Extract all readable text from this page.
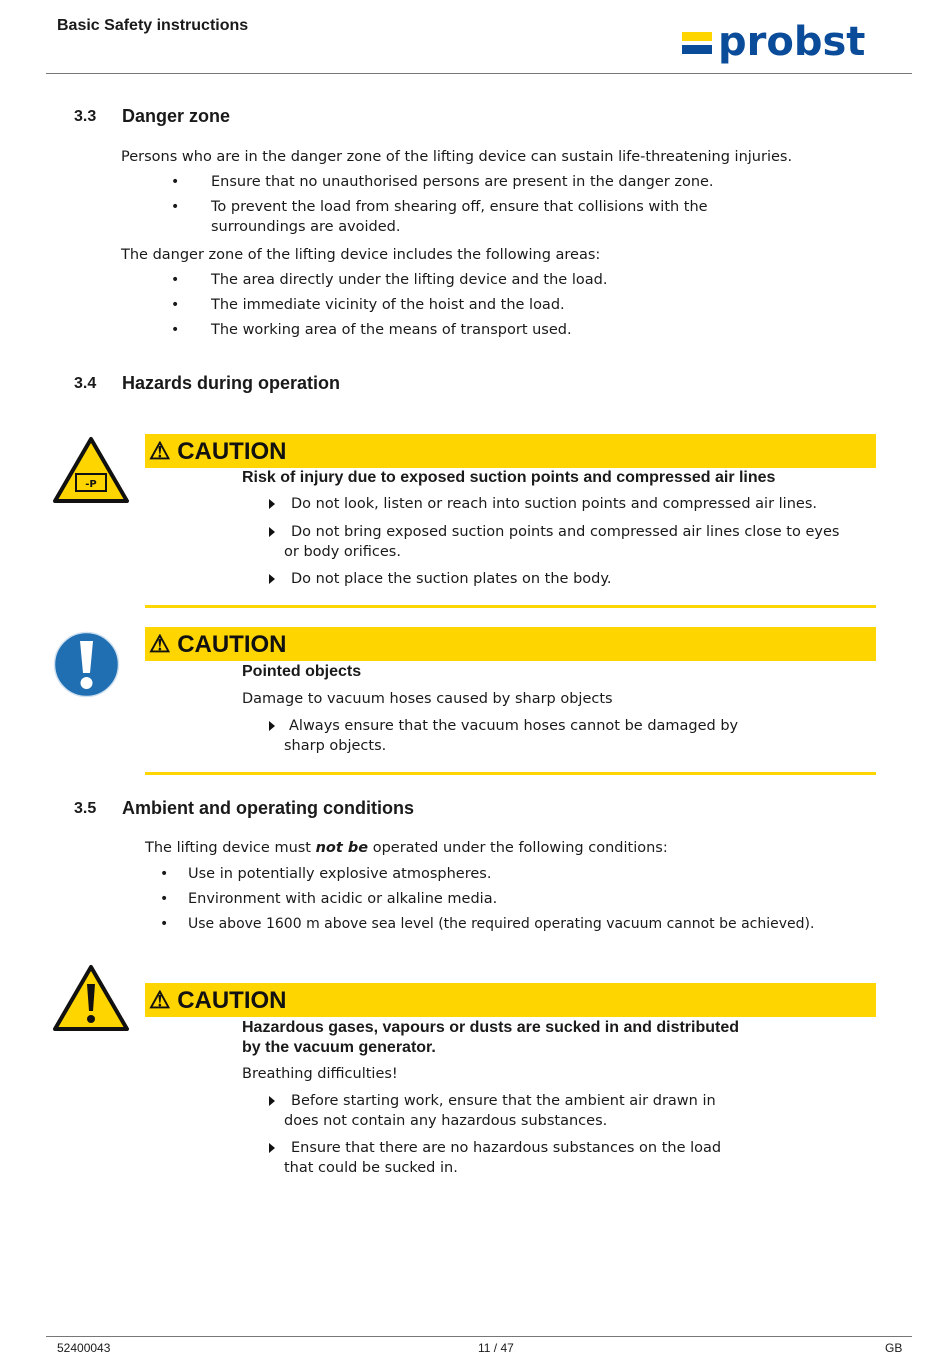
Basic Safety instructions	probst
3.3 Danger zone
Persons who are in the danger zone of the lifting device can sustain life-threatening injuries.
• Ensure that no unauthorised persons are present in the danger zone.
• To prevent the load from shearing off, ensure that collisions with the
surroundings are avoided.
The danger zone of the lifting device includes the following areas:
• The area directly under the lifting device and the load.
• The immediate vicinity of the hoist and the load.
• The working area of the means of transport used.
3.4 Hazards during operation
-P
⚠ CAUTION
Risk of injury due to exposed suction points and compressed air lines
Do not look, listen or reach into suction points and compressed air lines.
Do not bring exposed suction points and compressed air lines close to eyes
or body orifices.
Do not place the suction plates on the body.
⚠ CAUTION
Pointed objects
Damage to vacuum hoses caused by sharp objects
Always ensure that the vacuum hoses cannot be damaged by
sharp objects.
3.5 Ambient and operating conditions
The lifting device must not be operated under the following conditions:
• Use in potentially explosive atmospheres.
• Environment with acidic or alkaline media.
• Use above 1600 m above sea level (the required operating vacuum cannot be achieved).
⚠ CAUTION
Hazardous gases, vapours or dusts are sucked in and distributed
by the vacuum generator.
Breathing difficulties!
Before starting work, ensure that the ambient air drawn in
does not contain any hazardous substances.
Ensure that there are no hazardous substances on the load
that could be sucked in.
52400043	11 / 47	GB
